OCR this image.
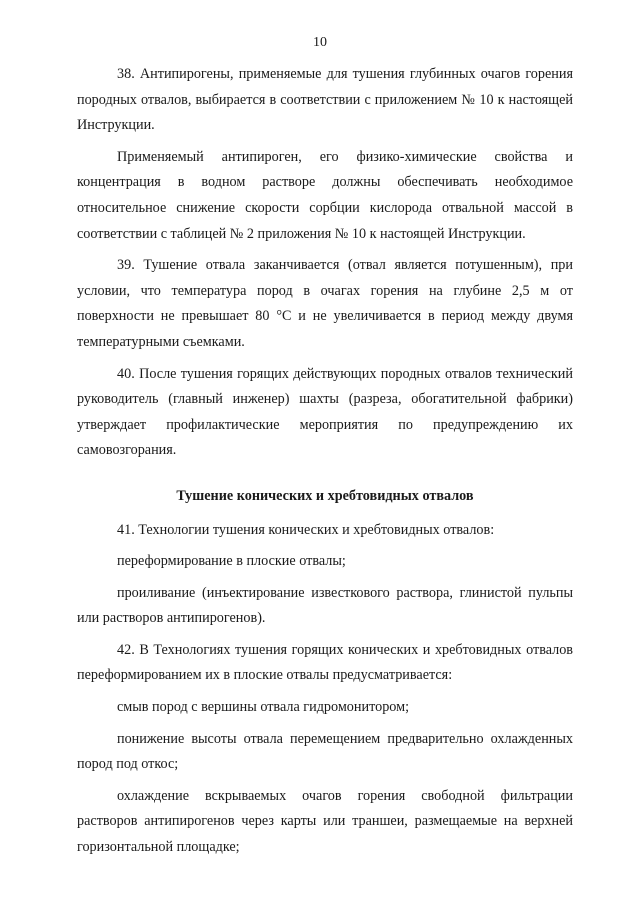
10

38. Антипирогены, применяемые для тушения глубинных очагов горения породных отвалов, выбирается в соответствии с приложением № 10 к настоящей Инструкции.

Применяемый антипироген, его физико-химические свойства и концентрация в водном растворе должны обеспечивать необходимое относительное снижение скорости сорбции кислорода отвальной массой в соответствии с таблицей № 2 приложения № 10 к настоящей Инструкции.

39. Тушение отвала заканчивается (отвал является потушенным), при условии, что температура пород в очагах горения на глубине 2,5 м от поверхности не превышает 80 °С и не увеличивается в период между двумя температурными съемками.

40. После тушения горящих действующих породных отвалов технический руководитель (главный инженер) шахты (разреза, обогатительной фабрики) утверждает профилактические мероприятия по предупреждению их самовозгорания.

Тушение конических и хребтовидных отвалов

41. Технологии тушения конических и хребтовидных отвалов:

переформирование в плоские отвалы;

проиливание (инъектирование известкового раствора, глинистой пульпы или растворов антипирогенов).

42. В Технологиях тушения горящих конических и хребтовидных отвалов переформированием их в плоские отвалы предусматривается:

смыв пород с вершины отвала гидромонитором;

понижение высоты отвала перемещением предварительно охлажденных пород под откос;

охлаждение вскрываемых очагов горения свободной фильтрации растворов антипирогенов через карты или траншеи, размещаемые на верхней горизонтальной площадке;
